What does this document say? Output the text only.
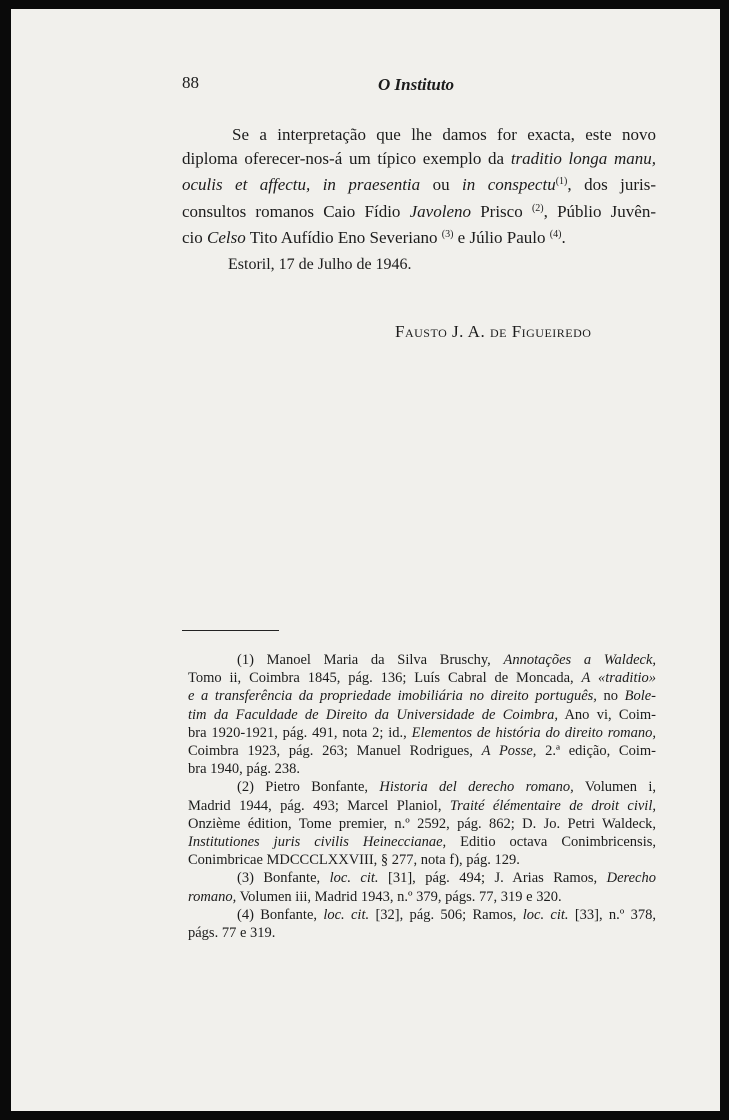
88	O Instituto
Se a interpretação que lhe damos for exacta, este novo
diploma oferecer-nos-á um típico exemplo da traditio longa manu,
oculis et affectu, in praesentia ou in conspectu$^{(1)}$, dos juris-
consultos romanos Caio Fídio Javoleno Prisco $^{(2)}$, Públio Juvên-
cio Celso Tito Aufídio Eno Severiano $^{(3)}$ e Júlio Paulo $^{(4)}$.
Estoril, 17 de Julho de 1946.
Fausto J. A. de Figueiredo
(1) Manoel Maria da Silva Bruschy, Annotações a Waldeck,
Tomo ii, Coimbra 1845, pág. 136; Luís Cabral de Moncada, A «traditio»
e a transferência da propriedade imobiliária no direito português, no Bole-
tim da Faculdade de Direito da Universidade de Coimbra, Ano vi, Coim-
bra 1920-1921, pág. 491, nota 2; id., Elementos de história do direito romano,
Coimbra 1923, pág. 263; Manuel Rodrigues, A Posse, 2.ª edição, Coim-
bra 1940, pág. 238.
(2) Pietro Bonfante, Historia del derecho romano, Volumen i,
Madrid 1944, pág. 493; Marcel Planiol, Traité élémentaire de droit civil,
Onzième édition, Tome premier, n.º 2592, pág. 862; D. Jo. Petri Waldeck,
Institutiones juris civilis Heineccianae, Editio octava Conimbricensis,
Conimbricae MDCCCLXXVIII, § 277, nota f), pág. 129.
(3) Bonfante, loc. cit. [31], pág. 494; J. Arias Ramos, Derecho
romano, Volumen iii, Madrid 1943, n.º 379, págs. 77, 319 e 320.
(4) Bonfante, loc. cit. [32], pág. 506; Ramos, loc. cit. [33], n.º 378,
págs. 77 e 319.
